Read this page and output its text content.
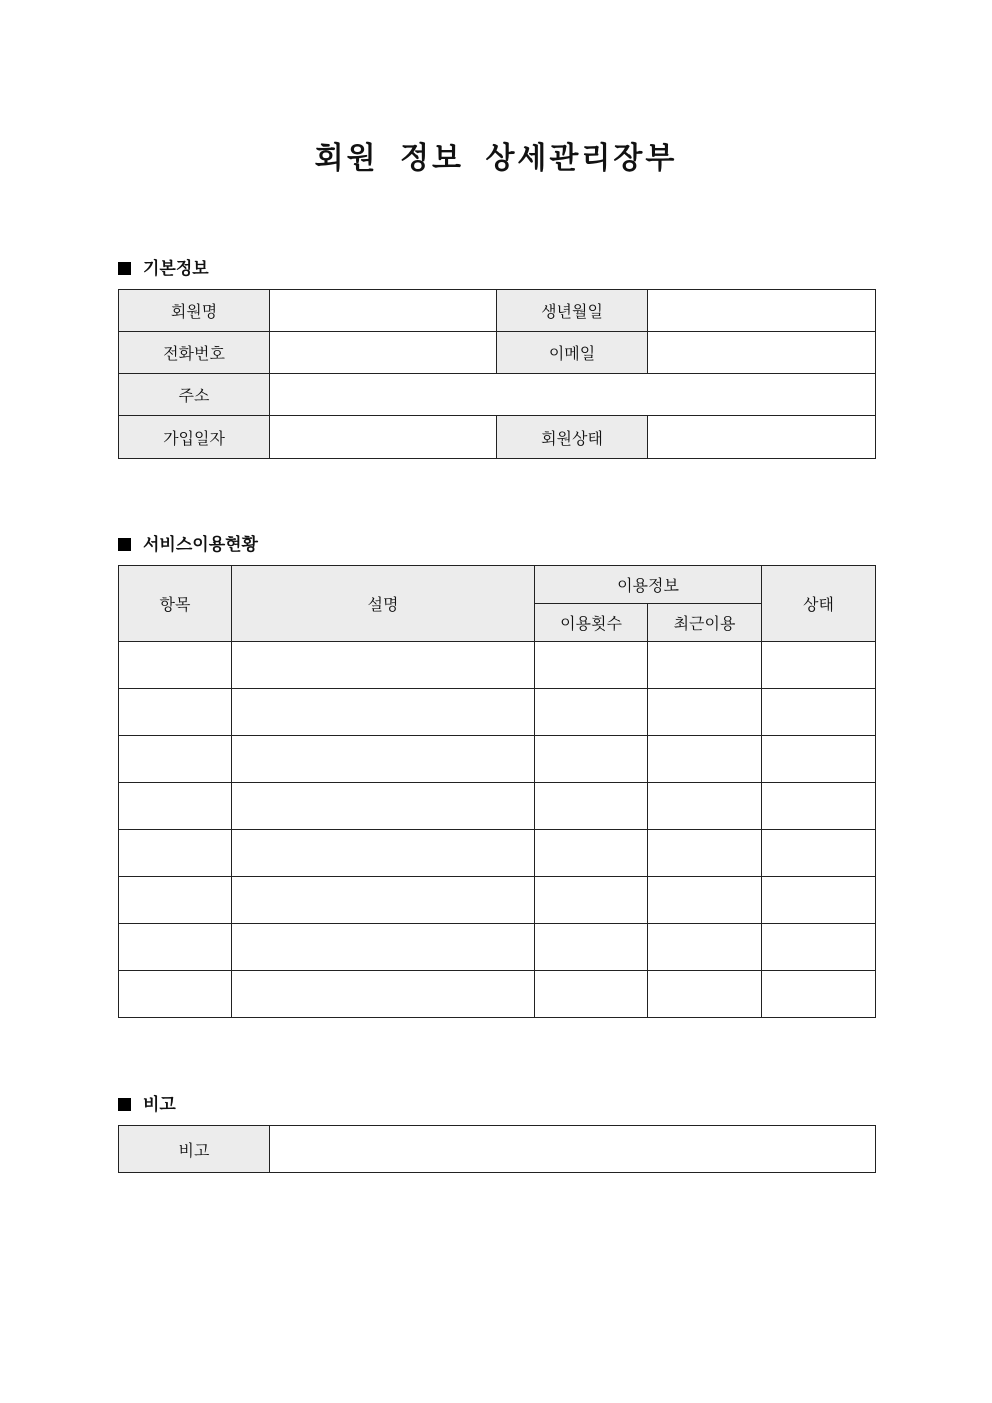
회원 정보 상세관리장부
기본정보
회원명		생년월일	
전화번호		이메일	
주소			
가입일자		회원상태	
서비스이용현황
항목	설명	이용정보		상태
		이용횟수	최근이용	

비고
비고	
